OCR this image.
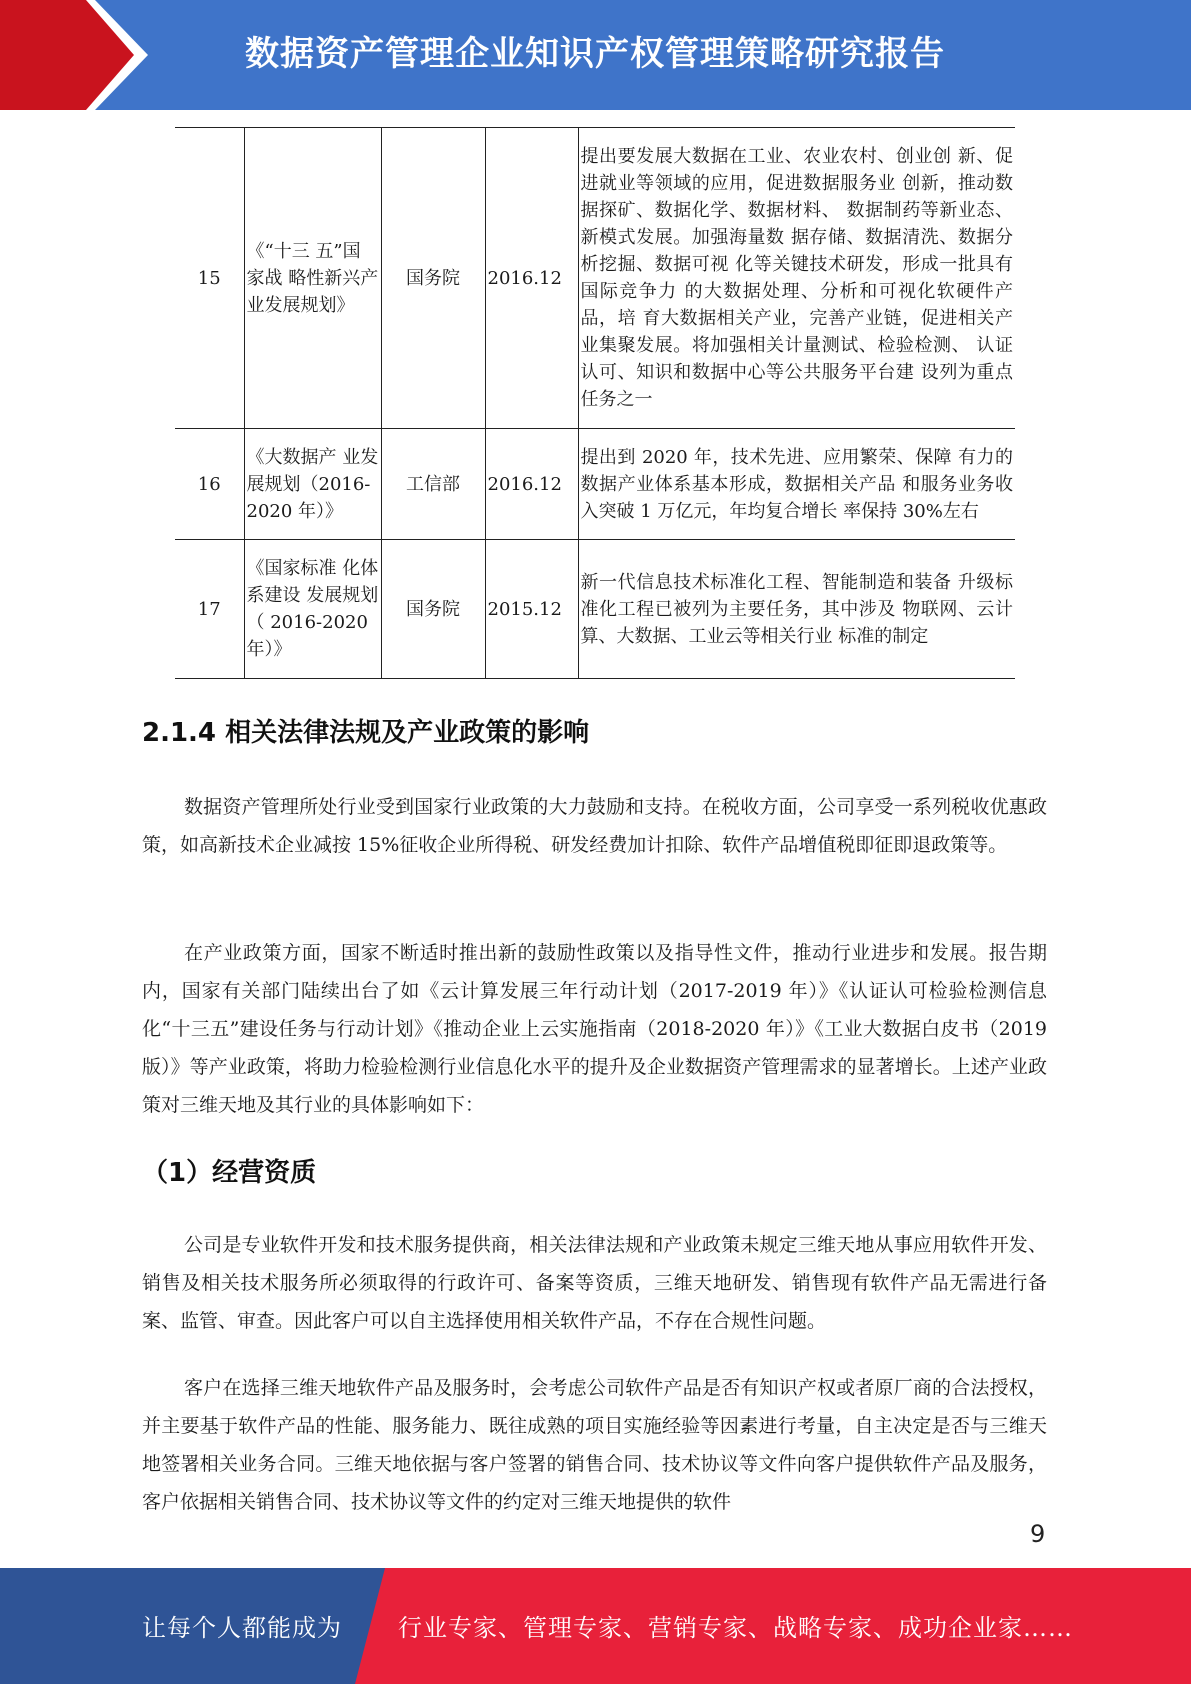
数据资产管理企业知识产权管理策略研究报告
15	《“十三 五”国家战 略性新兴产 业发展规划》	国务院	2016.12	提出要发展大数据在工业、农业农村、创业创 新、促进就业等领域的应用，促进数据服务业 创新，推动数据探矿、数据化学、数据材料、 数据制药等新业态、新模式发展。加强海量数 据存储、数据清洗、数据分析挖掘、数据可视 化等关键技术研发，形成一批具有国际竞争力 的大数据处理、分析和可视化软硬件产品，培 育大数据相关产业，完善产业链，促进相关产 业集聚发展。将加强相关计量测试、检验检测、 认证认可、知识和数据中心等公共服务平台建 设列为重点任务之一
16	《大数据产 业发展规划（2016-2020 年）》	工信部	2016.12	提出到 2020 年，技术先进、应用繁荣、保障 有力的数据产业体系基本形成，数据相关产品 和服务业务收入突破 1 万亿元，年均复合增长 率保持 30%左右
17	《国家标准 化体系建设 发展规划（ 2016-2020 年）》	国务院	2015.12	新一代信息技术标准化工程、智能制造和装备 升级标准化工程已被列为主要任务，其中涉及 物联网、云计算、大数据、工业云等相关行业 标准的制定
2.1.4 相关法律法规及产业政策的影响

数据资产管理所处行业受到国家行业政策的大力鼓励和支持。在税收方面，公司享受一系列税收优惠政策，如高新技术企业减按 15%征收企业所得税、研发经费加计扣除、软件产品增值税即征即退政策等。

在产业政策方面，国家不断适时推出新的鼓励性政策以及指导性文件，推动行业进步和发展。报告期内，国家有关部门陆续出台了如《云计算发展三年行动计划（2017-2019 年）》《认证认可检验检测信息化“十三五”建设任务与行动计划》《推动企业上云实施指南（2018-2020 年）》《工业大数据白皮书（2019 版）》等产业政策，将助力检验检测行业信息化水平的提升及企业数据资产管理需求的显著增长。上述产业政策对三维天地及其行业的具体影响如下：

（1）经营资质

公司是专业软件开发和技术服务提供商，相关法律法规和产业政策未规定三维天地从事应用软件开发、销售及相关技术服务所必须取得的行政许可、备案等资质，三维天地研发、销售现有软件产品无需进行备案、监管、审查。因此客户可以自主选择使用相关软件产品，不存在合规性问题。

客户在选择三维天地软件产品及服务时，会考虑公司软件产品是否有知识产权或者原厂商的合法授权，并主要基于软件产品的性能、服务能力、既往成熟的项目实施经验等因素进行考量，自主决定是否与三维天地签署相关业务合同。三维天地依据与客户签署的销售合同、技术协议等文件向客户提供软件产品及服务，客户依据相关销售合同、技术协议等文件的约定对三维天地提供的软件

9
让每个人都能成为 行业专家、管理专家、营销专家、战略专家、成功企业家……
